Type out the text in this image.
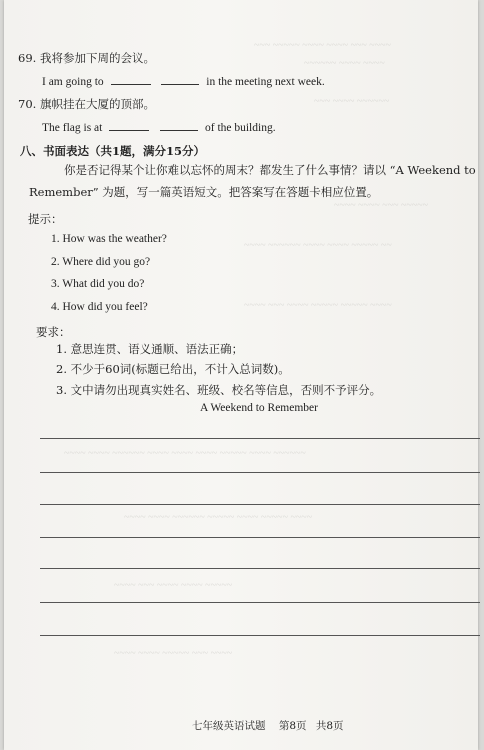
~~~ ~~~~~ ~~~~ ~~~~ ~~~ ~~~~
~~~~~~ ~~~~ ~~~~
~~~ ~~~~ ~~~~~~
~~~~ ~~~~ ~~~ ~~~~~
~~~~ ~~~~~~ ~~~~ ~~~~ ~~~~~ ~~
~~~~ ~~~ ~~~~ ~~~~~ ~~~~~ ~~~~
~~~~ ~~~~ ~~~~~~ ~~~~ ~~~~ ~~~~ ~~~~~ ~~~~ ~~~~~~
~~~~ ~~~~ ~~~~~~ ~~~~~ ~~~~ ~~~~~ ~~~~
~~~~ ~~~ ~~~~ ~~~~ ~~~~~
~~~~ ~~~~ ~~~~~ ~~~ ~~~~
69. 我将参加下周的会议。
I am going to	in the meeting next week.
70. 旗帜挂在大厦的顶部。
The flag is at	of the building.
八、书面表达（共1题，满分15分）
你是否记得某个让你难以忘怀的周末？都发生了什么事情？请以 “A Weekend to
Remember” 为题，写一篇英语短文。把答案写在答题卡相应位置。
提示：
1. How was the weather?
2. Where did you go?
3. What did you do?
4. How did you feel?
要求：
1. 意思连贯、语义通顺、语法正确；
2. 不少于60词(标题已给出，不计入总词数)。
3. 文中请勿出现真实姓名、班级、校名等信息，否则不予评分。
A Weekend to Remember
七年级英语试题 第8页 共8页
